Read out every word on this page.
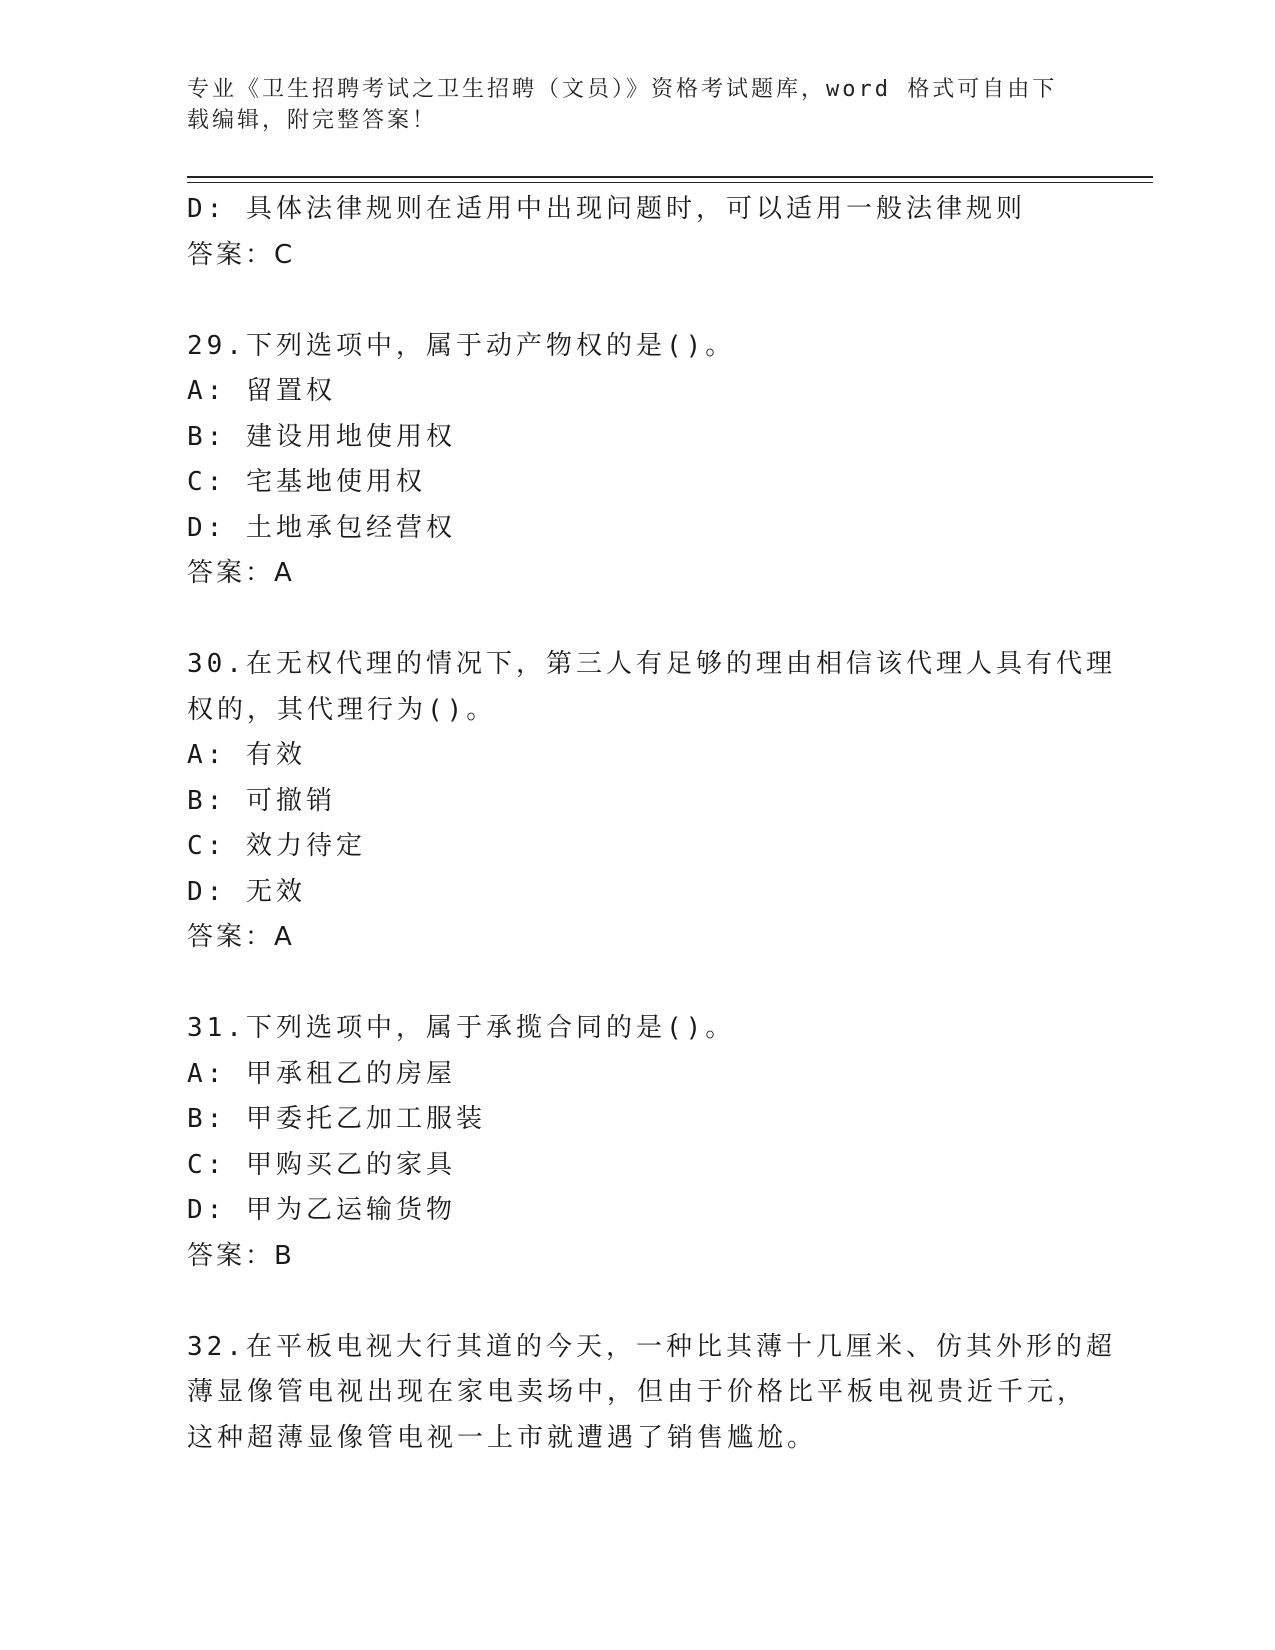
专业《卫生招聘考试之卫生招聘（文员）》资格考试题库，word 格式可自由下载编辑，附完整答案！
D: 具体法律规则在适用中出现问题时，可以适用一般法律规则
答案：C
29.下列选项中，属于动产物权的是()。
A: 留置权
B: 建设用地使用权
C: 宅基地使用权
D: 土地承包经营权
答案：A
30.在无权代理的情况下，第三人有足够的理由相信该代理人具有代理
权的，其代理行为()。
A: 有效
B: 可撤销
C: 效力待定
D: 无效
答案：A
31.下列选项中，属于承揽合同的是()。
A: 甲承租乙的房屋
B: 甲委托乙加工服装
C: 甲购买乙的家具
D: 甲为乙运输货物
答案：B
32.在平板电视大行其道的今天，一种比其薄十几厘米、仿其外形的超
薄显像管电视出现在家电卖场中，但由于价格比平板电视贵近千元，
这种超薄显像管电视一上市就遭遇了销售尴尬。
